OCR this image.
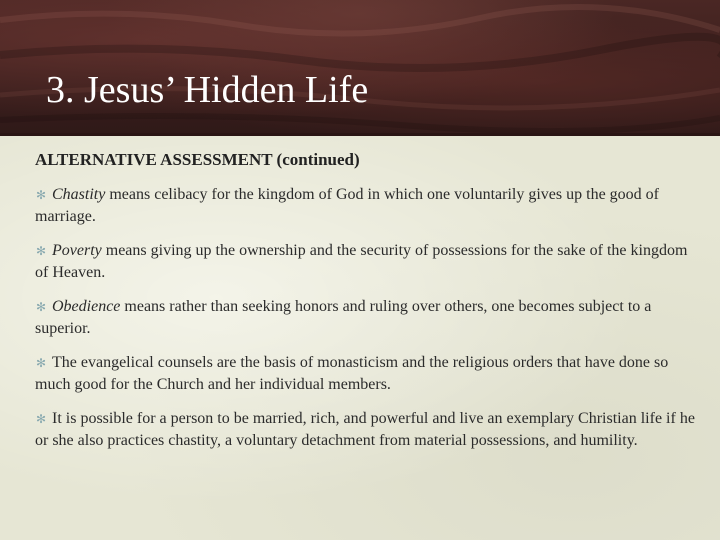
3. Jesus’ Hidden Life

ALTERNATIVE ASSESSMENT (continued)

✻ Chastity means celibacy for the kingdom of God in which one voluntarily gives up the good of marriage.

✻ Poverty means giving up the ownership and the security of possessions for the sake of the kingdom of Heaven.

✻ Obedience means rather than seeking honors and ruling over others, one becomes subject to a superior.

✻ The evangelical counsels are the basis of monasticism and the religious orders that have done so much good for the Church and her individual members.

✻ It is possible for a person to be married, rich, and powerful and live an exemplary Christian life if he or she also practices chastity, a voluntary detachment from material possessions, and humility.
